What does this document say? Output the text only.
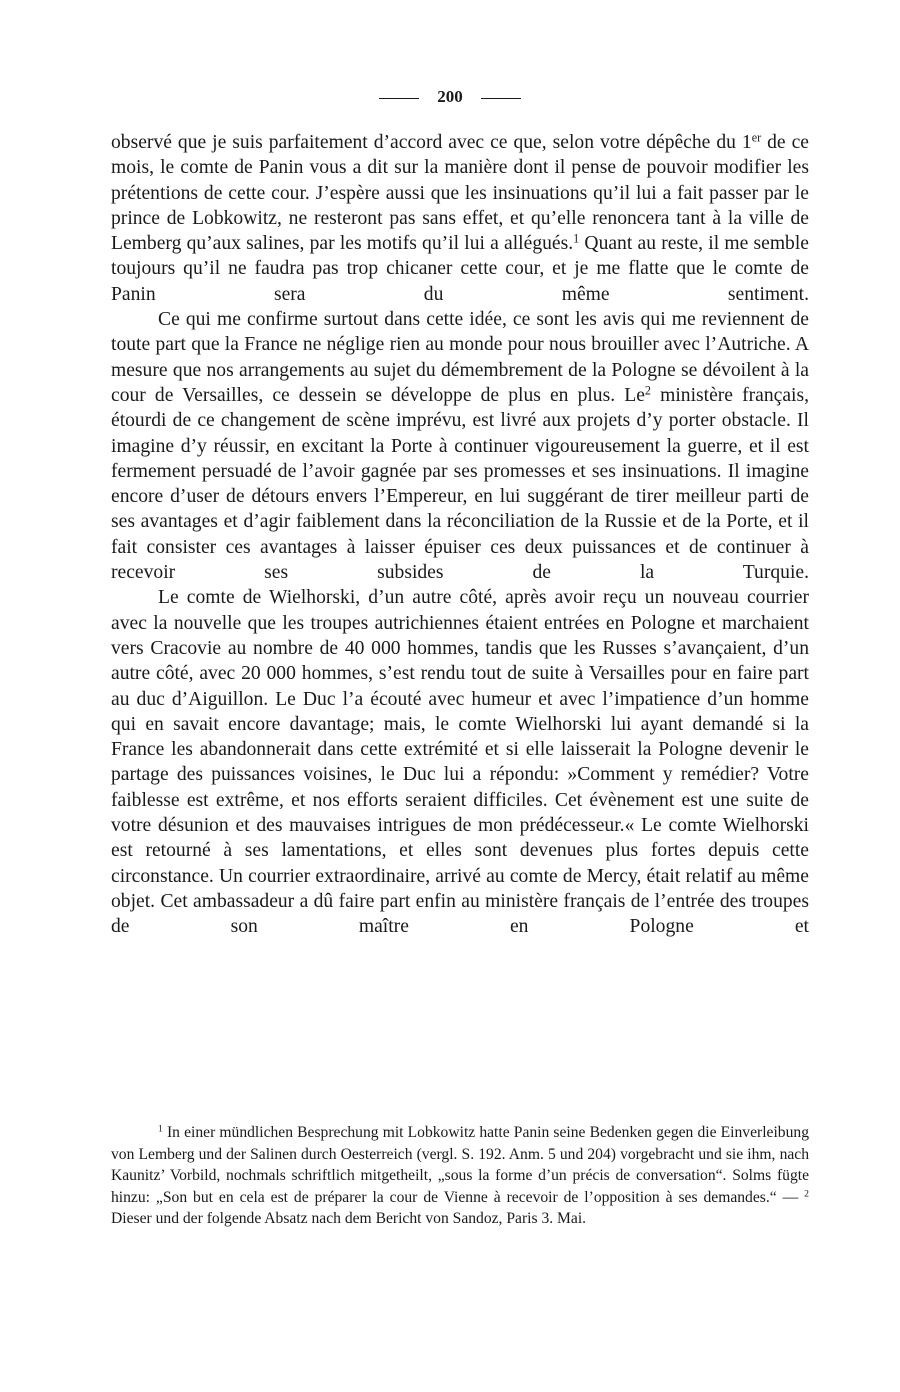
200

observé que je suis parfaitement d’accord avec ce que, selon votre dépêche du 1er de ce mois, le comte de Panin vous a dit sur la manière dont il pense de pouvoir modifier les prétentions de cette cour. J’espère aussi que les insinuations qu’il lui a fait passer par le prince de Lobkowitz, ne resteront pas sans effet, et qu’elle renoncera tant à la ville de Lemberg qu’aux salines, par les motifs qu’il lui a allégués.$^1$ Quant au reste, il me semble toujours qu’il ne faudra pas trop chicaner cette cour, et je me flatte que le comte de Panin sera du même sentiment.

Ce qui me confirme surtout dans cette idée, ce sont les avis qui me reviennent de toute part que la France ne néglige rien au monde pour nous brouiller avec l’Autriche. A mesure que nos arrangements au sujet du démembrement de la Pologne se dévoilent à la cour de Versailles, ce dessein se développe de plus en plus. Le$^2$ ministère français, étourdi de ce changement de scène imprévu, est livré aux projets d’y porter obstacle. Il imagine d’y réussir, en excitant la Porte à continuer vigoureusement la guerre, et il est fermement persuadé de l’avoir gagnée par ses promesses et ses insinuations. Il imagine encore d’user de détours envers l’Empereur, en lui suggérant de tirer meilleur parti de ses avantages et d’agir faiblement dans la réconciliation de la Russie et de la Porte, et il fait consister ces avantages à laisser épuiser ces deux puissances et de continuer à recevoir ses subsides de la Turquie.

Le comte de Wielhorski, d’un autre côté, après avoir reçu un nouveau courrier avec la nouvelle que les troupes autrichiennes étaient entrées en Pologne et marchaient vers Cracovie au nombre de 40 000 hommes, tandis que les Russes s’avançaient, d’un autre côté, avec 20 000 hommes, s’est rendu tout de suite à Versailles pour en faire part au duc d’Aiguillon. Le Duc l’a écouté avec humeur et avec l’impatience d’un homme qui en savait encore davantage; mais, le comte Wielhorski lui ayant demandé si la France les abandonnerait dans cette extrémité et si elle laisserait la Pologne devenir le partage des puissances voisines, le Duc lui a répondu: »Comment y remédier? Votre faiblesse est extrême, et nos efforts seraient difficiles. Cet évènement est une suite de votre désunion et des mauvaises intrigues de mon prédécesseur.« Le comte Wielhorski est retourné à ses lamentations, et elles sont devenues plus fortes depuis cette circonstance. Un courrier extraordinaire, arrivé au comte de Mercy, était relatif au même objet. Cet ambassadeur a dû faire part enfin au ministère français de l’entrée des troupes de son maître en Pologne et

$^1$ In einer mündlichen Besprechung mit Lobkowitz hatte Panin seine Bedenken gegen die Einverleibung von Lemberg und der Salinen durch Oesterreich (vergl. S. 192. Anm. 5 und 204) vorgebracht und sie ihm, nach Kaunitz’ Vorbild, nochmals schriftlich mitgetheilt, „sous la forme d’un précis de conversation“. Solms fügte hinzu: „Son but en cela est de préparer la cour de Vienne à recevoir de l’opposition à ses demandes.“ — $^2$ Dieser und der folgende Absatz nach dem Bericht von Sandoz, Paris 3. Mai.
